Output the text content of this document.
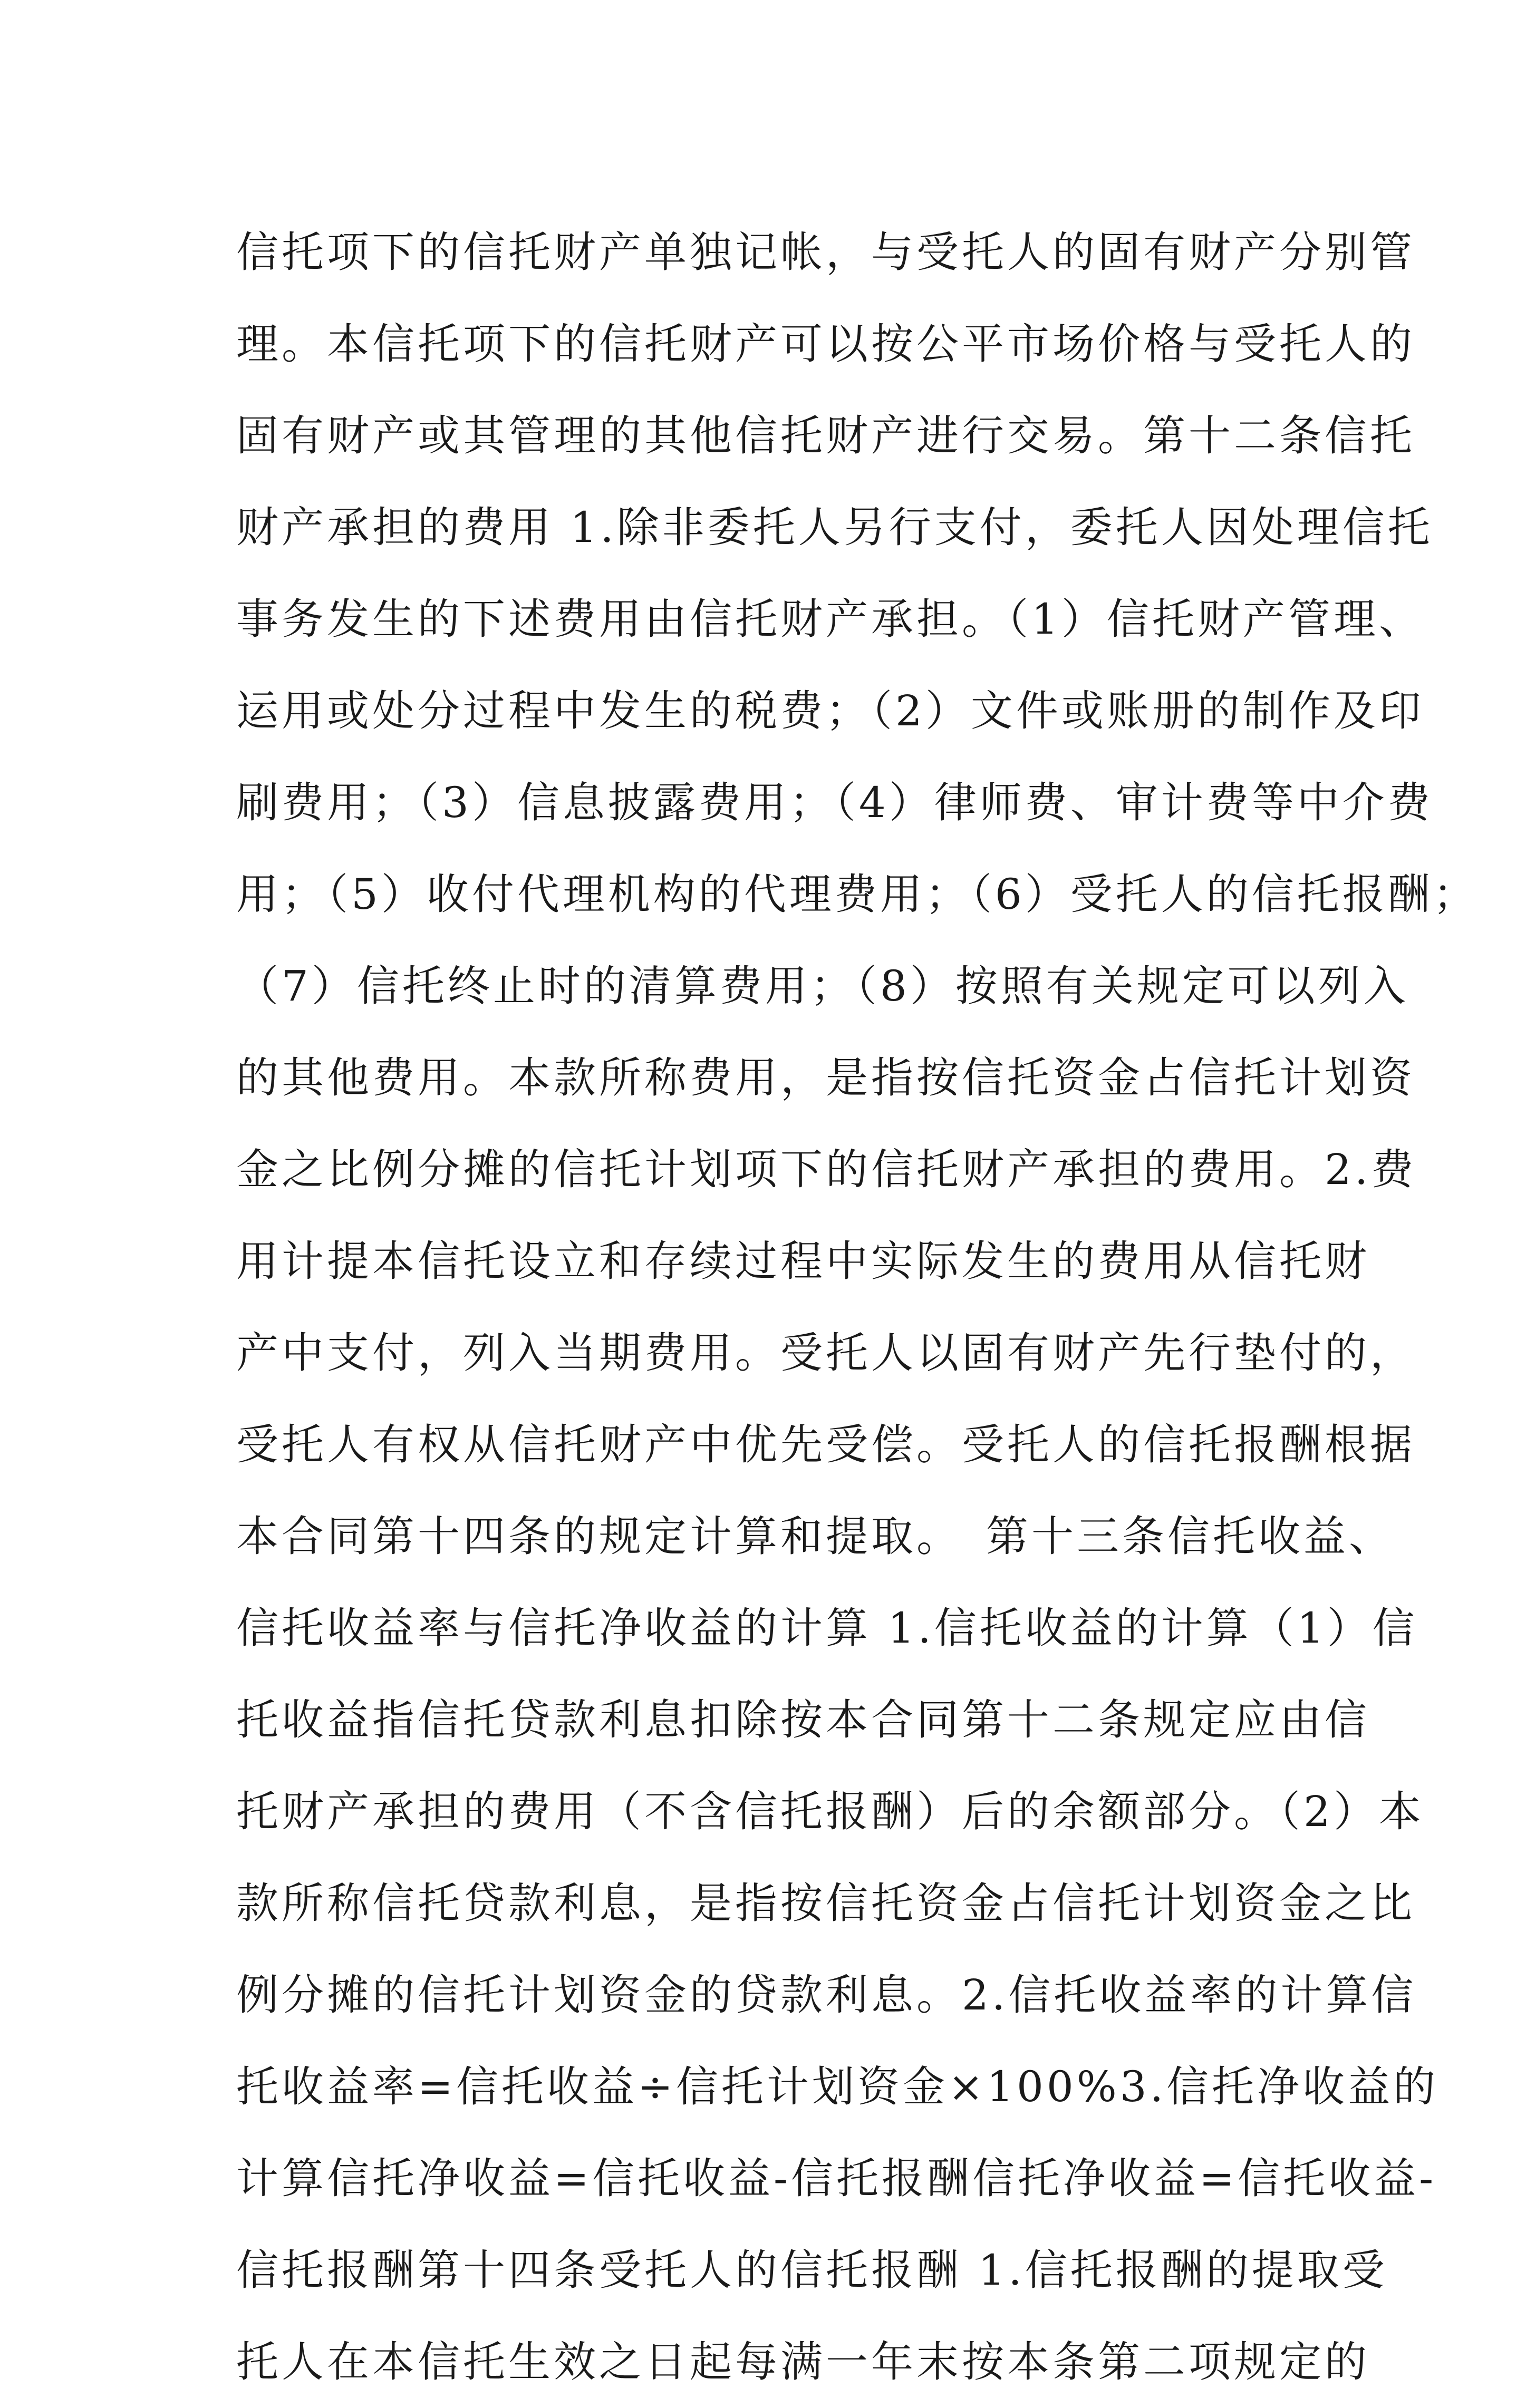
信托项下的信托财产单独记帐，与受托人的固有财产分别管
理。本信托项下的信托财产可以按公平市场价格与受托人的
固有财产或其管理的其他信托财产进行交易。第十二条信托
财产承担的费用 1.除非委托人另行支付，委托人因处理信托
事务发生的下述费用由信托财产承担。（1）信托财产管理、
运用或处分过程中发生的税费；（2）文件或账册的制作及印
刷费用；（3）信息披露费用；（4）律师费、审计费等中介费
用；（5）收付代理机构的代理费用；（6）受托人的信托报酬；
（7）信托终止时的清算费用；（8）按照有关规定可以列入
的其他费用。本款所称费用，是指按信托资金占信托计划资
金之比例分摊的信托计划项下的信托财产承担的费用。2.费
用计提本信托设立和存续过程中实际发生的费用从信托财
产中支付，列入当期费用。受托人以固有财产先行垫付的，
受托人有权从信托财产中优先受偿。受托人的信托报酬根据
本合同第十四条的规定计算和提取。　第十三条信托收益、
信托收益率与信托净收益的计算 1.信托收益的计算（1）信
托收益指信托贷款利息扣除按本合同第十二条规定应由信
托财产承担的费用（不含信托报酬）后的余额部分。（2）本
款所称信托贷款利息，是指按信托资金占信托计划资金之比
例分摊的信托计划资金的贷款利息。2.信托收益率的计算信
托收益率=信托收益÷信托计划资金×100%3.信托净收益的
计算信托净收益=信托收益-信托报酬信托净收益=信托收益-
信托报酬第十四条受托人的信托报酬 1.信托报酬的提取受
托人在本信托生效之日起每满一年末按本条第二项规定的
